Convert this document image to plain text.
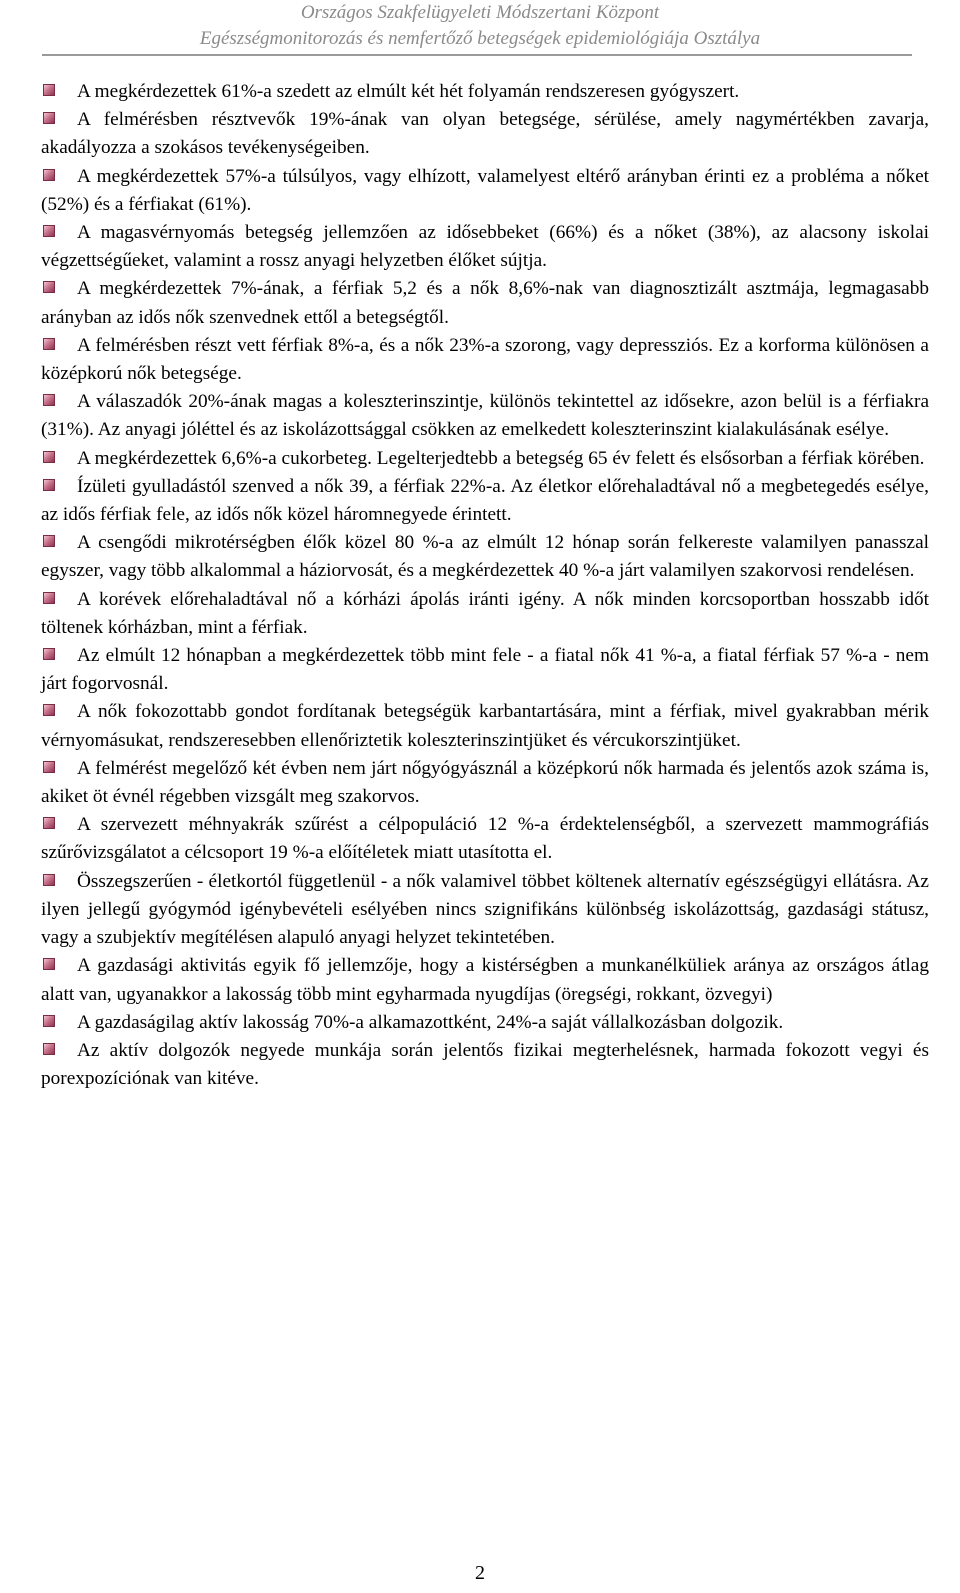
Országos Szakfelügyeleti Módszertani Központ
Egészségmonitorozás és nemfertőző betegségek epidemiológiája Osztálya

A megkérdezettek 61%-a szedett az elmúlt két hét folyamán rendszeresen gyógyszert.

A felmérésben résztvevők 19%-ának van olyan betegsége, sérülése, amely nagymértékben zavarja, akadályozza a szokásos tevékenységeiben.

A megkérdezettek 57%-a túlsúlyos, vagy elhízott, valamelyest eltérő arányban érinti ez a probléma a nőket (52%) és a férfiakat (61%).

A magasvérnyomás betegség jellemzően az idősebbeket (66%) és a nőket (38%), az alacsony iskolai végzettségűeket, valamint a rossz anyagi helyzetben élőket sújtja.

A megkérdezettek 7%-ának, a férfiak 5,2 és a nők 8,6%-nak van diagnosztizált asztmája, legmagasabb arányban az idős nők szenvednek ettől a betegségtől.

A felmérésben részt vett férfiak 8%-a, és a nők 23%-a szorong, vagy depressziós. Ez a korforma különösen a középkorú nők betegsége.

A válaszadók 20%-ának magas a koleszterinszintje, különös tekintettel az idősekre, azon belül is a férfiakra (31%). Az anyagi jóléttel és az iskolázottsággal csökken az emelkedett koleszterinszint kialakulásának esélye.

A megkérdezettek 6,6%-a cukorbeteg. Legelterjedtebb a betegség 65 év felett és elsősorban a férfiak körében.

Ízületi gyulladástól szenved a nők 39, a férfiak 22%-a. Az életkor előrehaladtával nő a megbetegedés esélye, az idős férfiak fele, az idős nők közel háromnegyede érintett.

A csengődi mikrotérségben élők közel 80 %-a az elmúlt 12 hónap során felkereste valamilyen panasszal egyszer, vagy több alkalommal a háziorvosát, és a megkérdezettek 40 %-a járt valamilyen szakorvosi rendelésen.

A korévek előrehaladtával nő a kórházi ápolás iránti igény. A nők minden korcsoportban hosszabb időt töltenek kórházban, mint a férfiak.

Az elmúlt 12 hónapban a megkérdezettek több mint fele - a fiatal nők 41 %-a, a fiatal férfiak 57 %-a - nem járt fogorvosnál.

A nők fokozottabb gondot fordítanak betegségük karbantartására, mint a férfiak, mivel gyakrabban mérik vérnyomásukat, rendszeresebben ellenőriztetik koleszterinszintjüket és vércukorszintjüket.

A felmérést megelőző két évben nem járt nőgyógyásznál a középkorú nők harmada és jelentős azok száma is, akiket öt évnél régebben vizsgált meg szakorvos.

A szervezett méhnyakrák szűrést a célpopuláció 12 %-a érdektelenségből, a szervezett mammográfiás szűrővizsgálatot a célcsoport 19 %-a előítéletek miatt utasította el.

Összegszerűen - életkortól függetlenül - a nők valamivel többet költenek alternatív egészségügyi ellátásra. Az ilyen jellegű gyógymód igénybevételi esélyében nincs szignifikáns különbség iskolázottság, gazdasági státusz, vagy a szubjektív megítélésen alapuló anyagi helyzet tekintetében.

A gazdasági aktivitás egyik fő jellemzője, hogy a kistérségben a munkanélküliek aránya az országos átlag alatt van, ugyanakkor a lakosság több mint egyharmada nyugdíjas (öregségi, rokkant, özvegyi)

A gazdaságilag aktív lakosság 70%-a alkamazottként, 24%-a saját vállalkozásban dolgozik.

Az aktív dolgozók negyede munkája során jelentős fizikai megterhelésnek, harmada fokozott vegyi és porexpozíciónak van kitéve.

2
